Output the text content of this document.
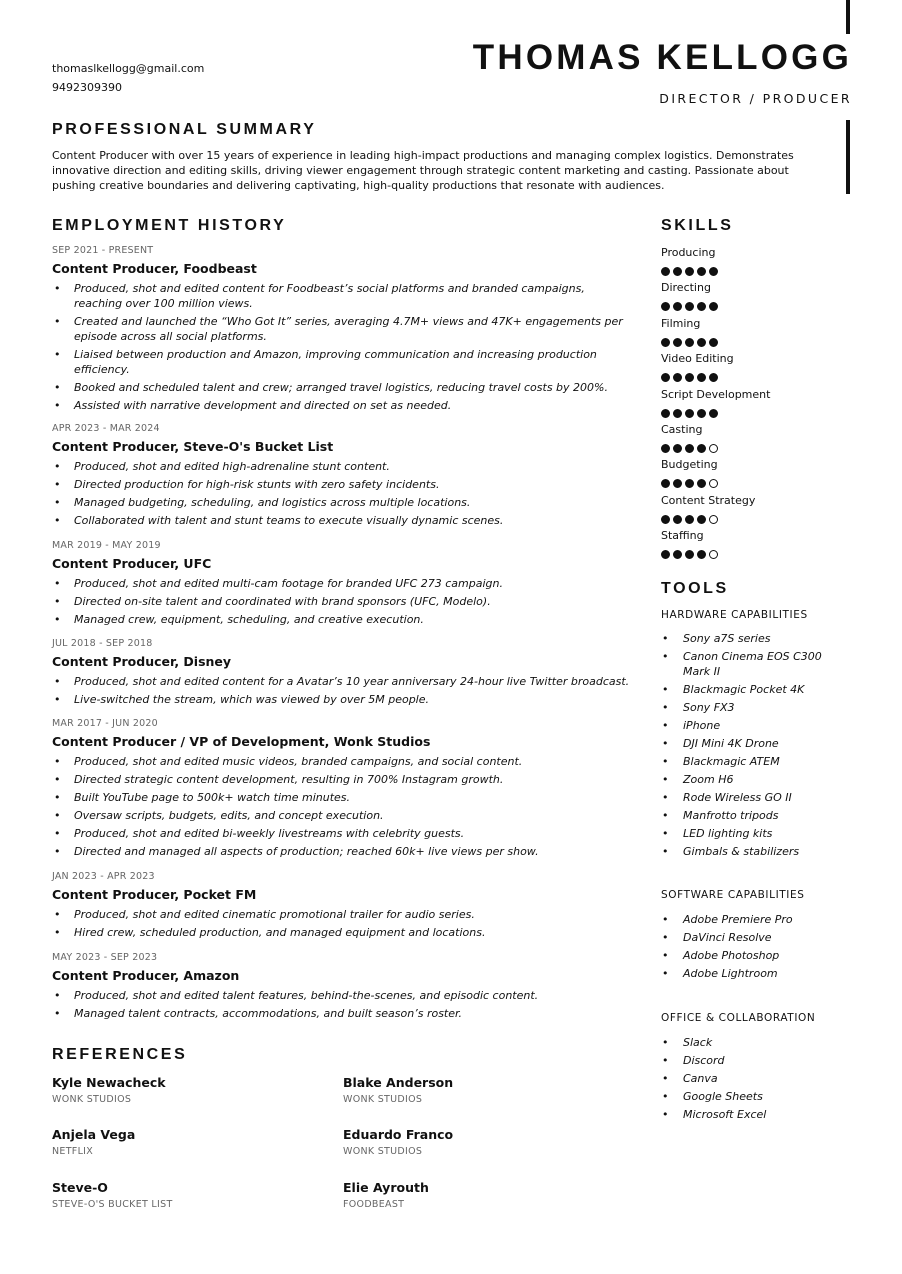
thomaslkellogg@gmail.com
9492309390
THOMAS KELLOGG
DIRECTOR / PRODUCER
PROFESSIONAL SUMMARY
Content Producer with over 15 years of experience in leading high-impact productions and managing complex logistics. Demonstrates innovative direction and editing skills, driving viewer engagement through strategic content marketing and casting. Passionate about pushing creative boundaries and delivering captivating, high-quality productions that resonate with audiences.
EMPLOYMENT HISTORY
SEP 2021 - PRESENT
Content Producer, Foodbeast
• Produced, shot and edited content for Foodbeast’s social platforms and branded campaigns, reaching over 100 million views.
• Created and launched the “Who Got It” series, averaging 4.7M+ views and 47K+ engagements per episode across all social platforms.
• Liaised between production and Amazon, improving communication and increasing production efficiency.
• Booked and scheduled talent and crew; arranged travel logistics, reducing travel costs by 200%.
• Assisted with narrative development and directed on set as needed.
APR 2023 - MAR 2024
Content Producer, Steve-O's Bucket List
• Produced, shot and edited high-adrenaline stunt content.
• Directed production for high-risk stunts with zero safety incidents.
• Managed budgeting, scheduling, and logistics across multiple locations.
• Collaborated with talent and stunt teams to execute visually dynamic scenes.
MAR 2019 - MAY 2019
Content Producer, UFC
• Produced, shot and edited multi-cam footage for branded UFC 273 campaign.
• Directed on-site talent and coordinated with brand sponsors (UFC, Modelo).
• Managed crew, equipment, scheduling, and creative execution.
JUL 2018 - SEP 2018
Content Producer, Disney
• Produced, shot and edited content for a Avatar’s 10 year anniversary 24-hour live Twitter broadcast.
• Live-switched the stream, which was viewed by over 5M people.
MAR 2017 - JUN 2020
Content Producer / VP of Development, Wonk Studios
• Produced, shot and edited music videos, branded campaigns, and social content.
• Directed strategic content development, resulting in 700% Instagram growth.
• Built YouTube page to 500k+ watch time minutes.
• Oversaw scripts, budgets, edits, and concept execution.
• Produced, shot and edited bi-weekly livestreams with celebrity guests.
• Directed and managed all aspects of production; reached 60k+ live views per show.
JAN 2023 - APR 2023
Content Producer, Pocket FM
• Produced, shot and edited cinematic promotional trailer for audio series.
• Hired crew, scheduled production, and managed equipment and locations.
MAY 2023 - SEP 2023
Content Producer, Amazon
• Produced, shot and edited talent features, behind-the-scenes, and episodic content.
• Managed talent contracts, accommodations, and built season’s roster.
SKILLS
Producing
Directing
Filming
Video Editing
Script Development
Casting
Budgeting
Content Strategy
Staffing
TOOLS
HARDWARE CAPABILITIES
• Sony a7S series
• Canon Cinema EOS C300 Mark II
• Blackmagic Pocket 4K
• Sony FX3
• iPhone
• DJI Mini 4K Drone
• Blackmagic ATEM
• Zoom H6
• Rode Wireless GO II
• Manfrotto tripods
• LED lighting kits
• Gimbals & stabilizers
SOFTWARE CAPABILITIES
• Adobe Premiere Pro
• DaVinci Resolve
• Adobe Photoshop
• Adobe Lightroom
OFFICE & COLLABORATION
• Slack
• Discord
• Canva
• Google Sheets
• Microsoft Excel
REFERENCES
Kyle Newacheck
WONK STUDIOS
Blake Anderson
WONK STUDIOS
Anjela Vega
NETFLIX
Eduardo Franco
WONK STUDIOS
Steve-O
STEVE-O'S BUCKET LIST
Elie Ayrouth
FOODBEAST
